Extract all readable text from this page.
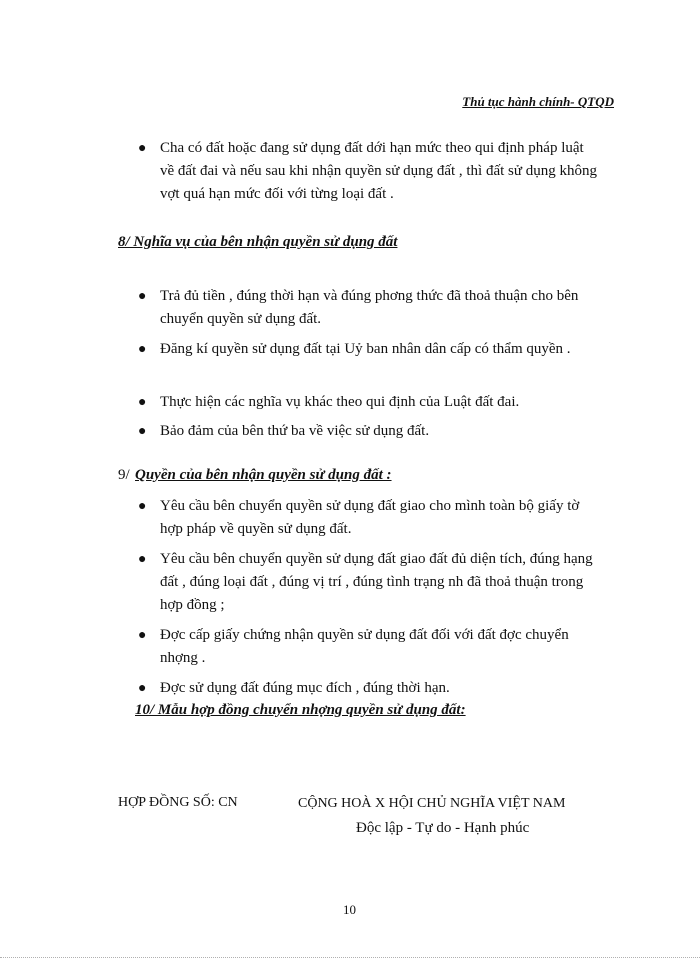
Thủ tục hành chính- QTQD
● Cha có đất hoặc đang sử dụng đất dới hạn mức theo qui định pháp luật về đất đai và nếu sau khi nhận quyền sử dụng đất , thì đất sử dụng không vợt quá hạn mức đối với từng loại đất .
8/ Nghĩa vụ của bên nhận quyền sử dụng đất
● Trả đủ tiền , đúng thời hạn và đúng phơng thức đã thoả thuận cho bên chuyển quyền sử dụng đất.
● Đăng kí quyền sử dụng đất tại Uỷ ban nhân dân cấp có thẩm quyền .
● Thực hiện các nghĩa vụ khác theo qui định của Luật đất đai.
● Bảo đảm của bên thứ ba về việc sử dụng đất.
9/ Quyền của bên nhận quyền sử dụng đất :
● Yêu cầu bên chuyển quyền sử dụng đất giao cho mình toàn bộ giấy tờ hợp pháp về quyền sử dụng đất.
● Yêu cầu bên chuyển quyền sử dụng đất giao đất đủ diện tích, đúng hạng đất , đúng loại đất , đúng vị trí , đúng tình trạng nh đã thoả thuận trong hợp đồng ;
● Đợc cấp giấy chứng nhận quyền sử dụng đất đối với đất đợc chuyển nhợng .
● Đợc sử dụng đất đúng mục đích , đúng thời hạn.
10/ Mẫu hợp đồng chuyển nhợng quyền sử dụng đất:
HỢP ĐỒNG SỐ: CN	CỘNG HOÀ X HỘI CHỦ NGHĨA VIỆT NAM
Độc lập - Tự do - Hạnh phúc
10
